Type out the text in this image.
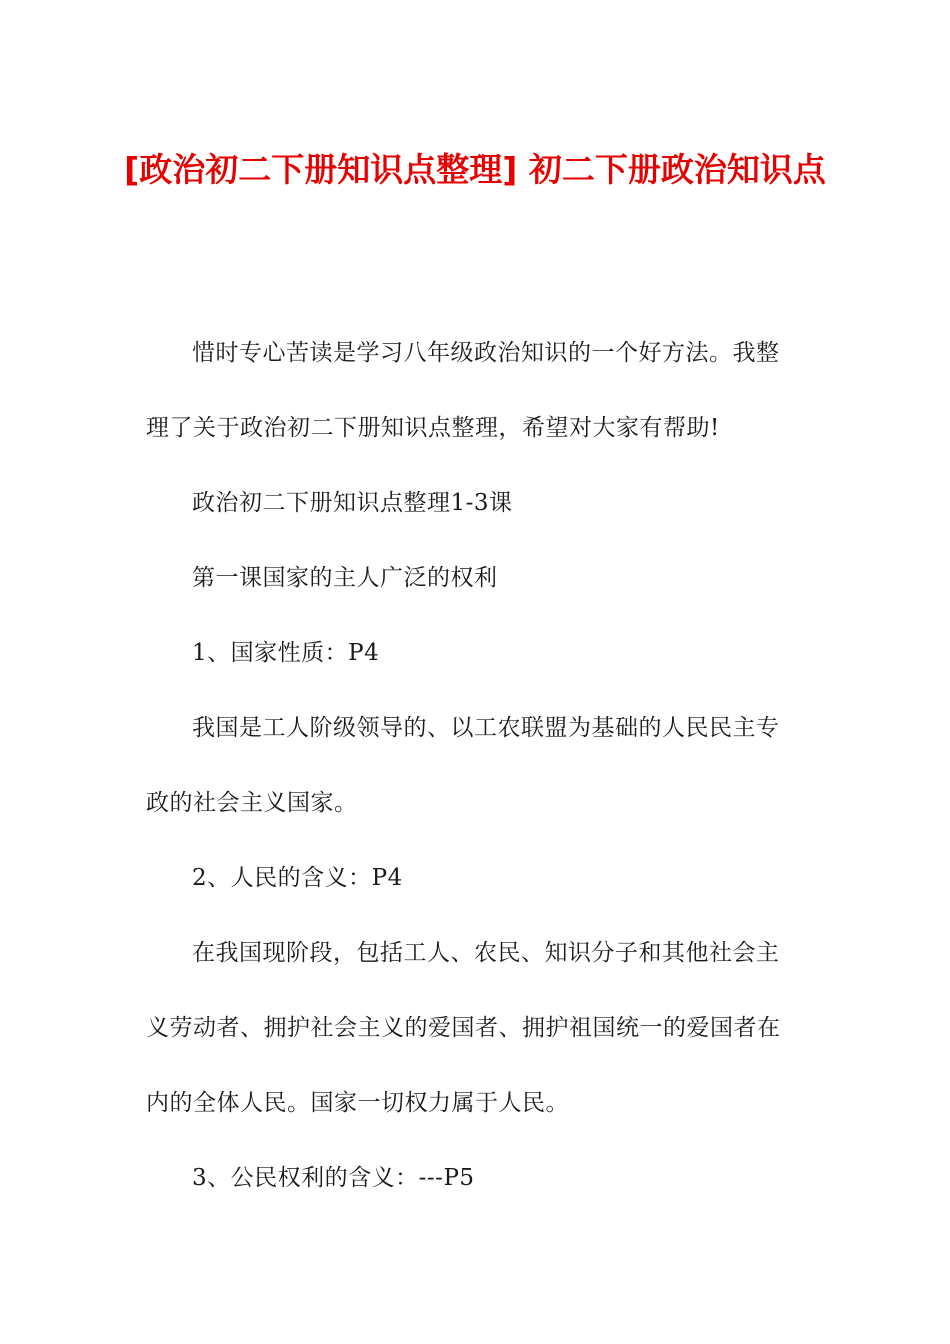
[政治初二下册知识点整理] 初二下册政治知识点

惜时专心苦读是学习八年级政治知识的一个好方法。我整理了关于政治初二下册知识点整理，希望对大家有帮助!

政治初二下册知识点整理1-3课

第一课国家的主人广泛的权利

1、国家性质：P4

我国是工人阶级领导的、以工农联盟为基础的人民民主专政的社会主义国家。

2、人民的含义：P4

在我国现阶段，包括工人、农民、知识分子和其他社会主义劳动者、拥护社会主义的爱国者、拥护祖国统一的爱国者在内的全体人民。国家一切权力属于人民。

3、公民权利的含义：---P5
